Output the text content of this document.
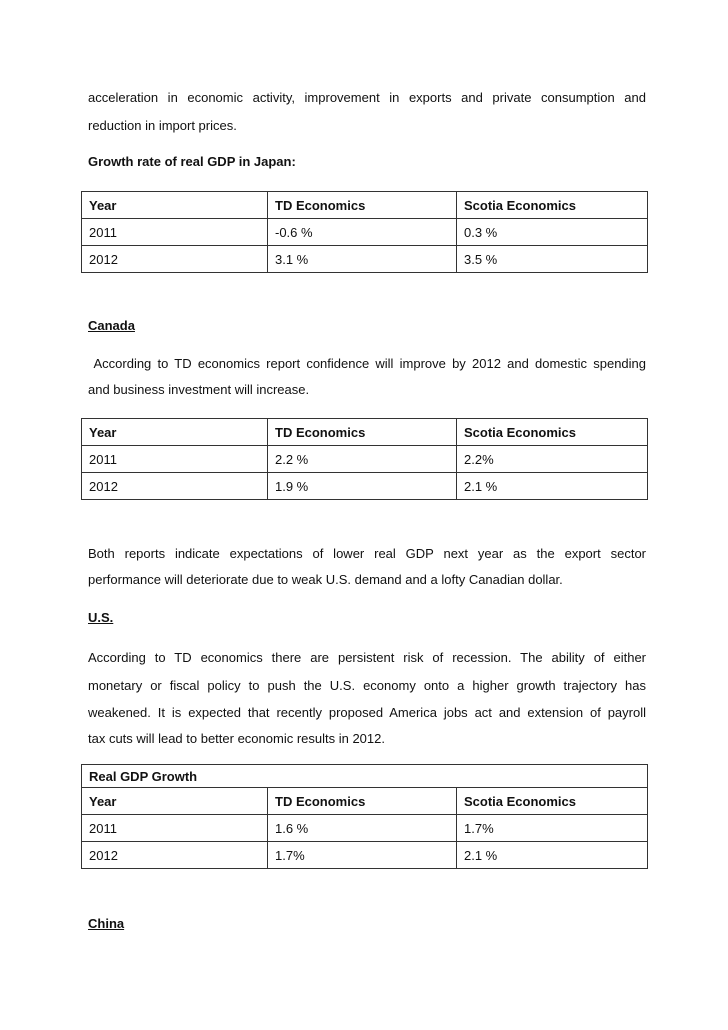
acceleration in economic activity, improvement in exports and private consumption and

reduction in import prices.

Growth rate of real GDP in Japan:

Year	TD Economics	Scotia Economics
2011	-0.6 %	0.3 %
2012	3.1 %	3.5 %

Canada

According to TD economics report confidence will improve by 2012 and domestic spending

and business investment will increase.

Year	TD Economics	Scotia Economics
2011	2.2 %	2.2%
2012	1.9 %	2.1 %

Both reports indicate expectations of lower real GDP next year as the export sector

performance will deteriorate due to weak U.S. demand and a lofty Canadian dollar.

U.S.

According to TD economics there are persistent risk of recession. The ability of either

monetary or fiscal policy to push the U.S. economy onto a higher growth trajectory has

weakened. It is expected that recently proposed America jobs act and extension of payroll

tax cuts will lead to better economic results in 2012.

Real GDP Growth		
Year	TD Economics	Scotia Economics
2011	1.6 %	1.7%
2012	1.7%	2.1 %

China
